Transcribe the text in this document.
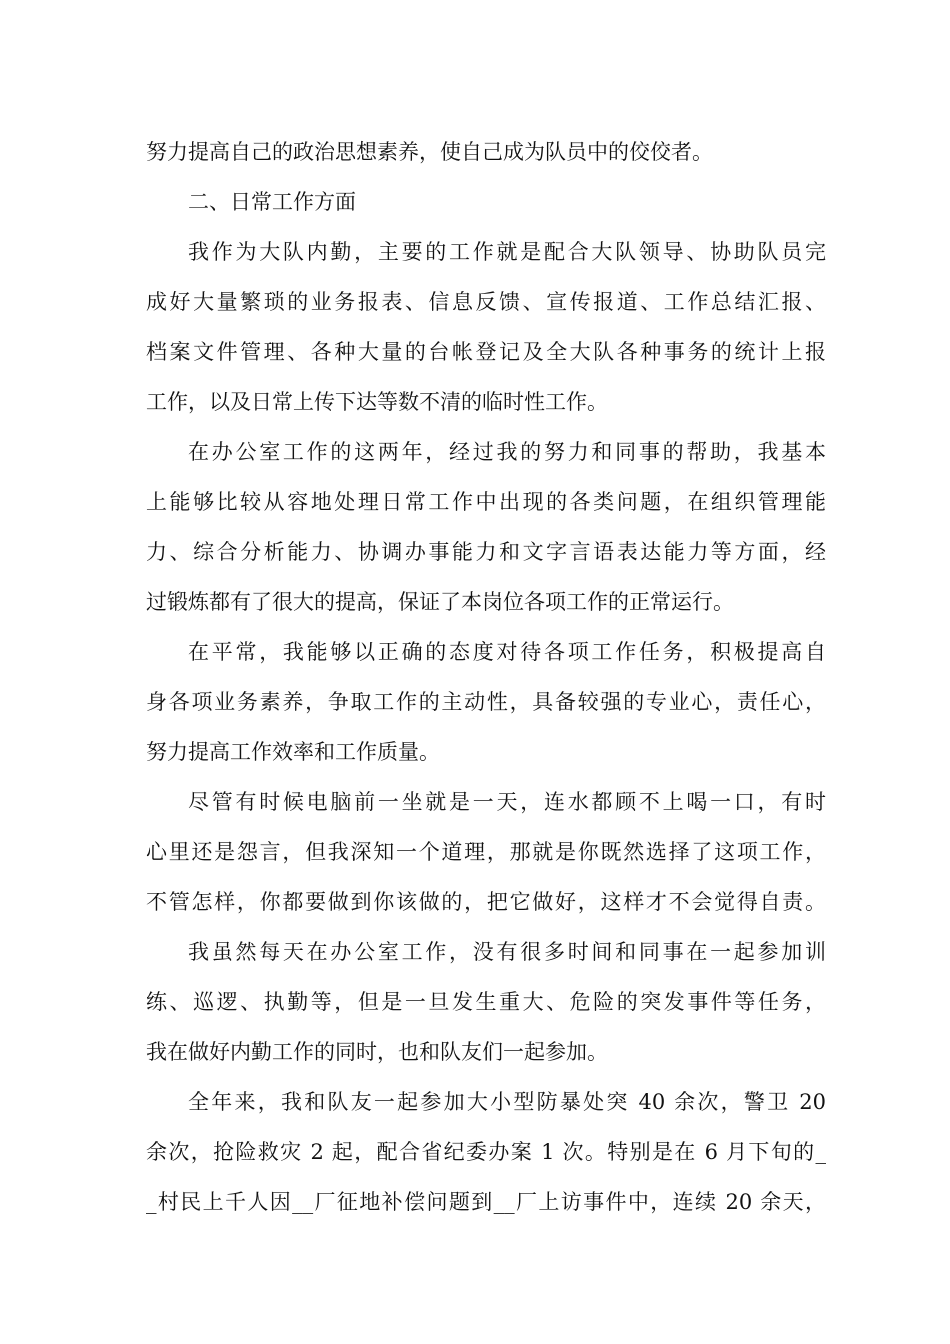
努力提高自己的政治思想素养，使自己成为队员中的佼佼者。
二、日常工作方面
我作为大队内勤，主要的工作就是配合大队领导、协助队员完
成好大量繁琐的业务报表、信息反馈、宣传报道、工作总结汇报、
档案文件管理、各种大量的台帐登记及全大队各种事务的统计上报
工作，以及日常上传下达等数不清的临时性工作。
在办公室工作的这两年，经过我的努力和同事的帮助，我基本
上能够比较从容地处理日常工作中出现的各类问题，在组织管理能
力、综合分析能力、协调办事能力和文字言语表达能力等方面，经
过锻炼都有了很大的提高，保证了本岗位各项工作的正常运行。
在平常，我能够以正确的态度对待各项工作任务，积极提高自
身各项业务素养，争取工作的主动性，具备较强的专业心，责任心，
努力提高工作效率和工作质量。
尽管有时候电脑前一坐就是一天，连水都顾不上喝一口，有时
心里还是怨言，但我深知一个道理，那就是你既然选择了这项工作，
不管怎样，你都要做到你该做的，把它做好，这样才不会觉得自责。
我虽然每天在办公室工作，没有很多时间和同事在一起参加训
练、巡逻、执勤等，但是一旦发生重大、危险的突发事件等任务，
我在做好内勤工作的同时，也和队友们一起参加。
全年来，我和队友一起参加大小型防暴处突 40 余次，警卫 20
余次，抢险救灾 2 起，配合省纪委办案 1 次。特别是在 6 月下旬的_
_村民上千人因__厂征地补偿问题到__厂上访事件中，连续 20 余天，
